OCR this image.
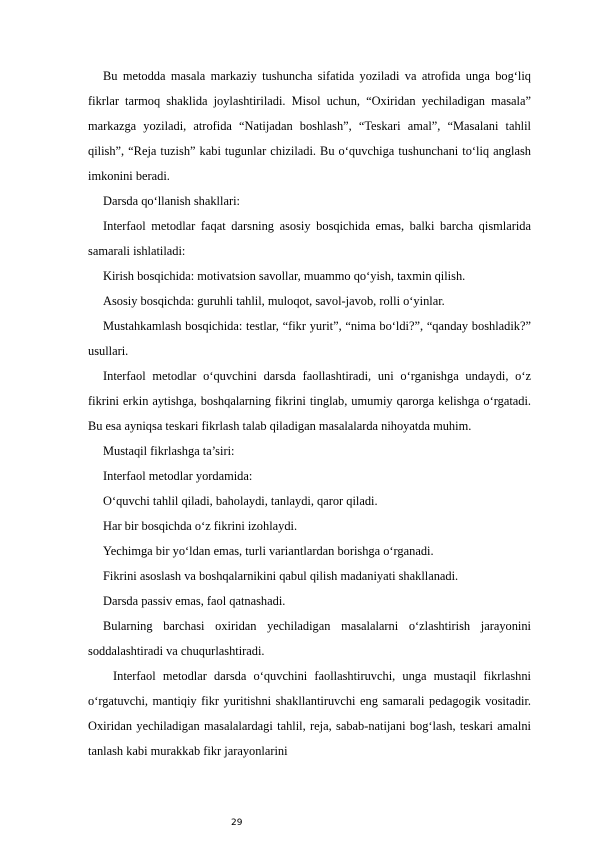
Bu metodda masala markaziy tushuncha sifatida yoziladi va atrofida unga bog‘liq fikrlar tarmoq shaklida joylashtiriladi. Misol uchun, “Oxiridan yechiladigan masala” markazga yoziladi, atrofida “Natijadan boshlash”, “Teskari amal”, “Masalani tahlil qilish”, “Reja tuzish” kabi tugunlar chiziladi. Bu o‘quvchiga tushunchani to‘liq anglash imkonini beradi.

Darsda qo‘llanish shakllari:

Interfaol metodlar faqat darsning asosiy bosqichida emas, balki barcha qismlarida samarali ishlatiladi:

Kirish bosqichida: motivatsion savollar, muammo qo‘yish, taxmin qilish.

Asosiy bosqichda: guruhli tahlil, muloqot, savol-javob, rolli o‘yinlar.

Mustahkamlash bosqichida: testlar, “fikr yurit”, “nima bo‘ldi?”, “qanday boshladik?” usullari.

Interfaol metodlar o‘quvchini darsda faollashtiradi, uni o‘rganishga undaydi, o‘z fikrini erkin aytishga, boshqalarning fikrini tinglab, umumiy qarorga kelishga o‘rgatadi. Bu esa ayniqsa teskari fikrlash talab qiladigan masalalarda nihoyatda muhim.

Mustaqil fikrlashga ta’siri:

Interfaol metodlar yordamida:

O‘quvchi tahlil qiladi, baholaydi, tanlaydi, qaror qiladi.

Har bir bosqichda o‘z fikrini izohlaydi.

Yechimga bir yo‘ldan emas, turli variantlardan borishga o‘rganadi.

Fikrini asoslash va boshqalarnikini qabul qilish madaniyati shakllanadi.

Darsda passiv emas, faol qatnashadi.

Bularning barchasi oxiridan yechiladigan masalalarni o‘zlashtirish jarayonini soddalashtiradi va chuqurlashtiradi.

Interfaol metodlar darsda o‘quvchini faollashtiruvchi, unga mustaqil fikrlashni o‘rgatuvchi, mantiqiy fikr yuritishni shakllantiruvchi eng samarali pedagogik vositadir. Oxiridan yechiladigan masalalardagi tahlil, reja, sabab-natijani bog‘lash, teskari amalni tanlash kabi murakkab fikr jarayonlarini

29
